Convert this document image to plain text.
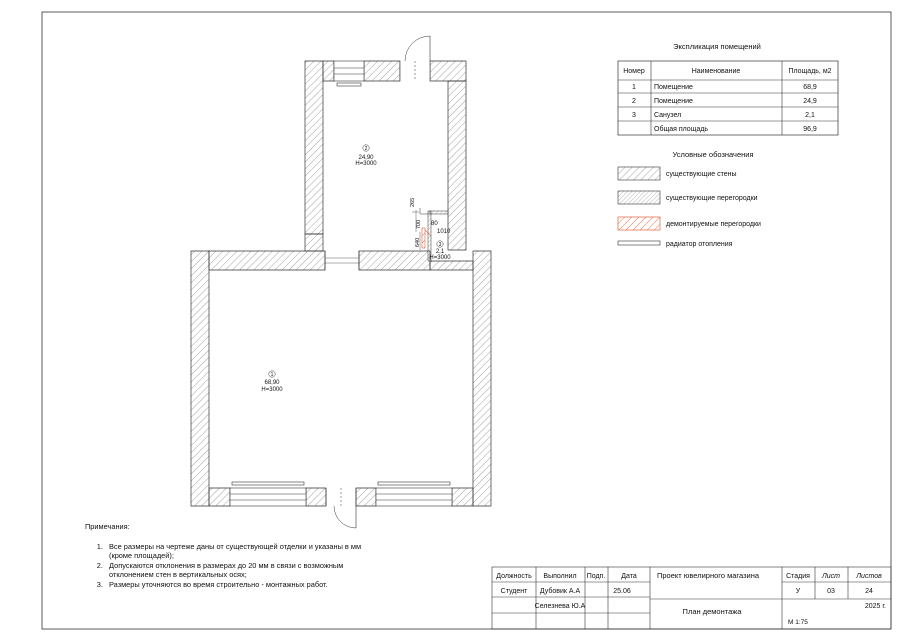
265
700 80
1010
640
2
24,90
H=3000
3
2,1
H=3000
1
68,90
H=3000
Экспликация помещений
Номер	Наименование	Площадь, м2
1	Помещение	68,9
2	Помещение	24,9
3	Санузел	2,1
Общая площадь	96,9
Условные обозначения
существующие стены
существующие перегородки
демонтируемые перегородки
радиатор отопления
Должность Выполнил Подп. Дата
Студент Дубовик А.А	25.06
Селезнева Ю.А
Проект ювелирного магазина	Стадия Лист Листов
У	03	24
План демонтажа
2025 г.
М 1:75
Примечания:
1. Все размеры на чертеже даны от существующей отделки и указаны в мм (кроме площадей);
2. Допускаются отклонения в размерах до 20 мм в связи с возможным отклонением стен в вертикальных осях;
3. Размеры уточняются во время строительно - монтажных работ.
